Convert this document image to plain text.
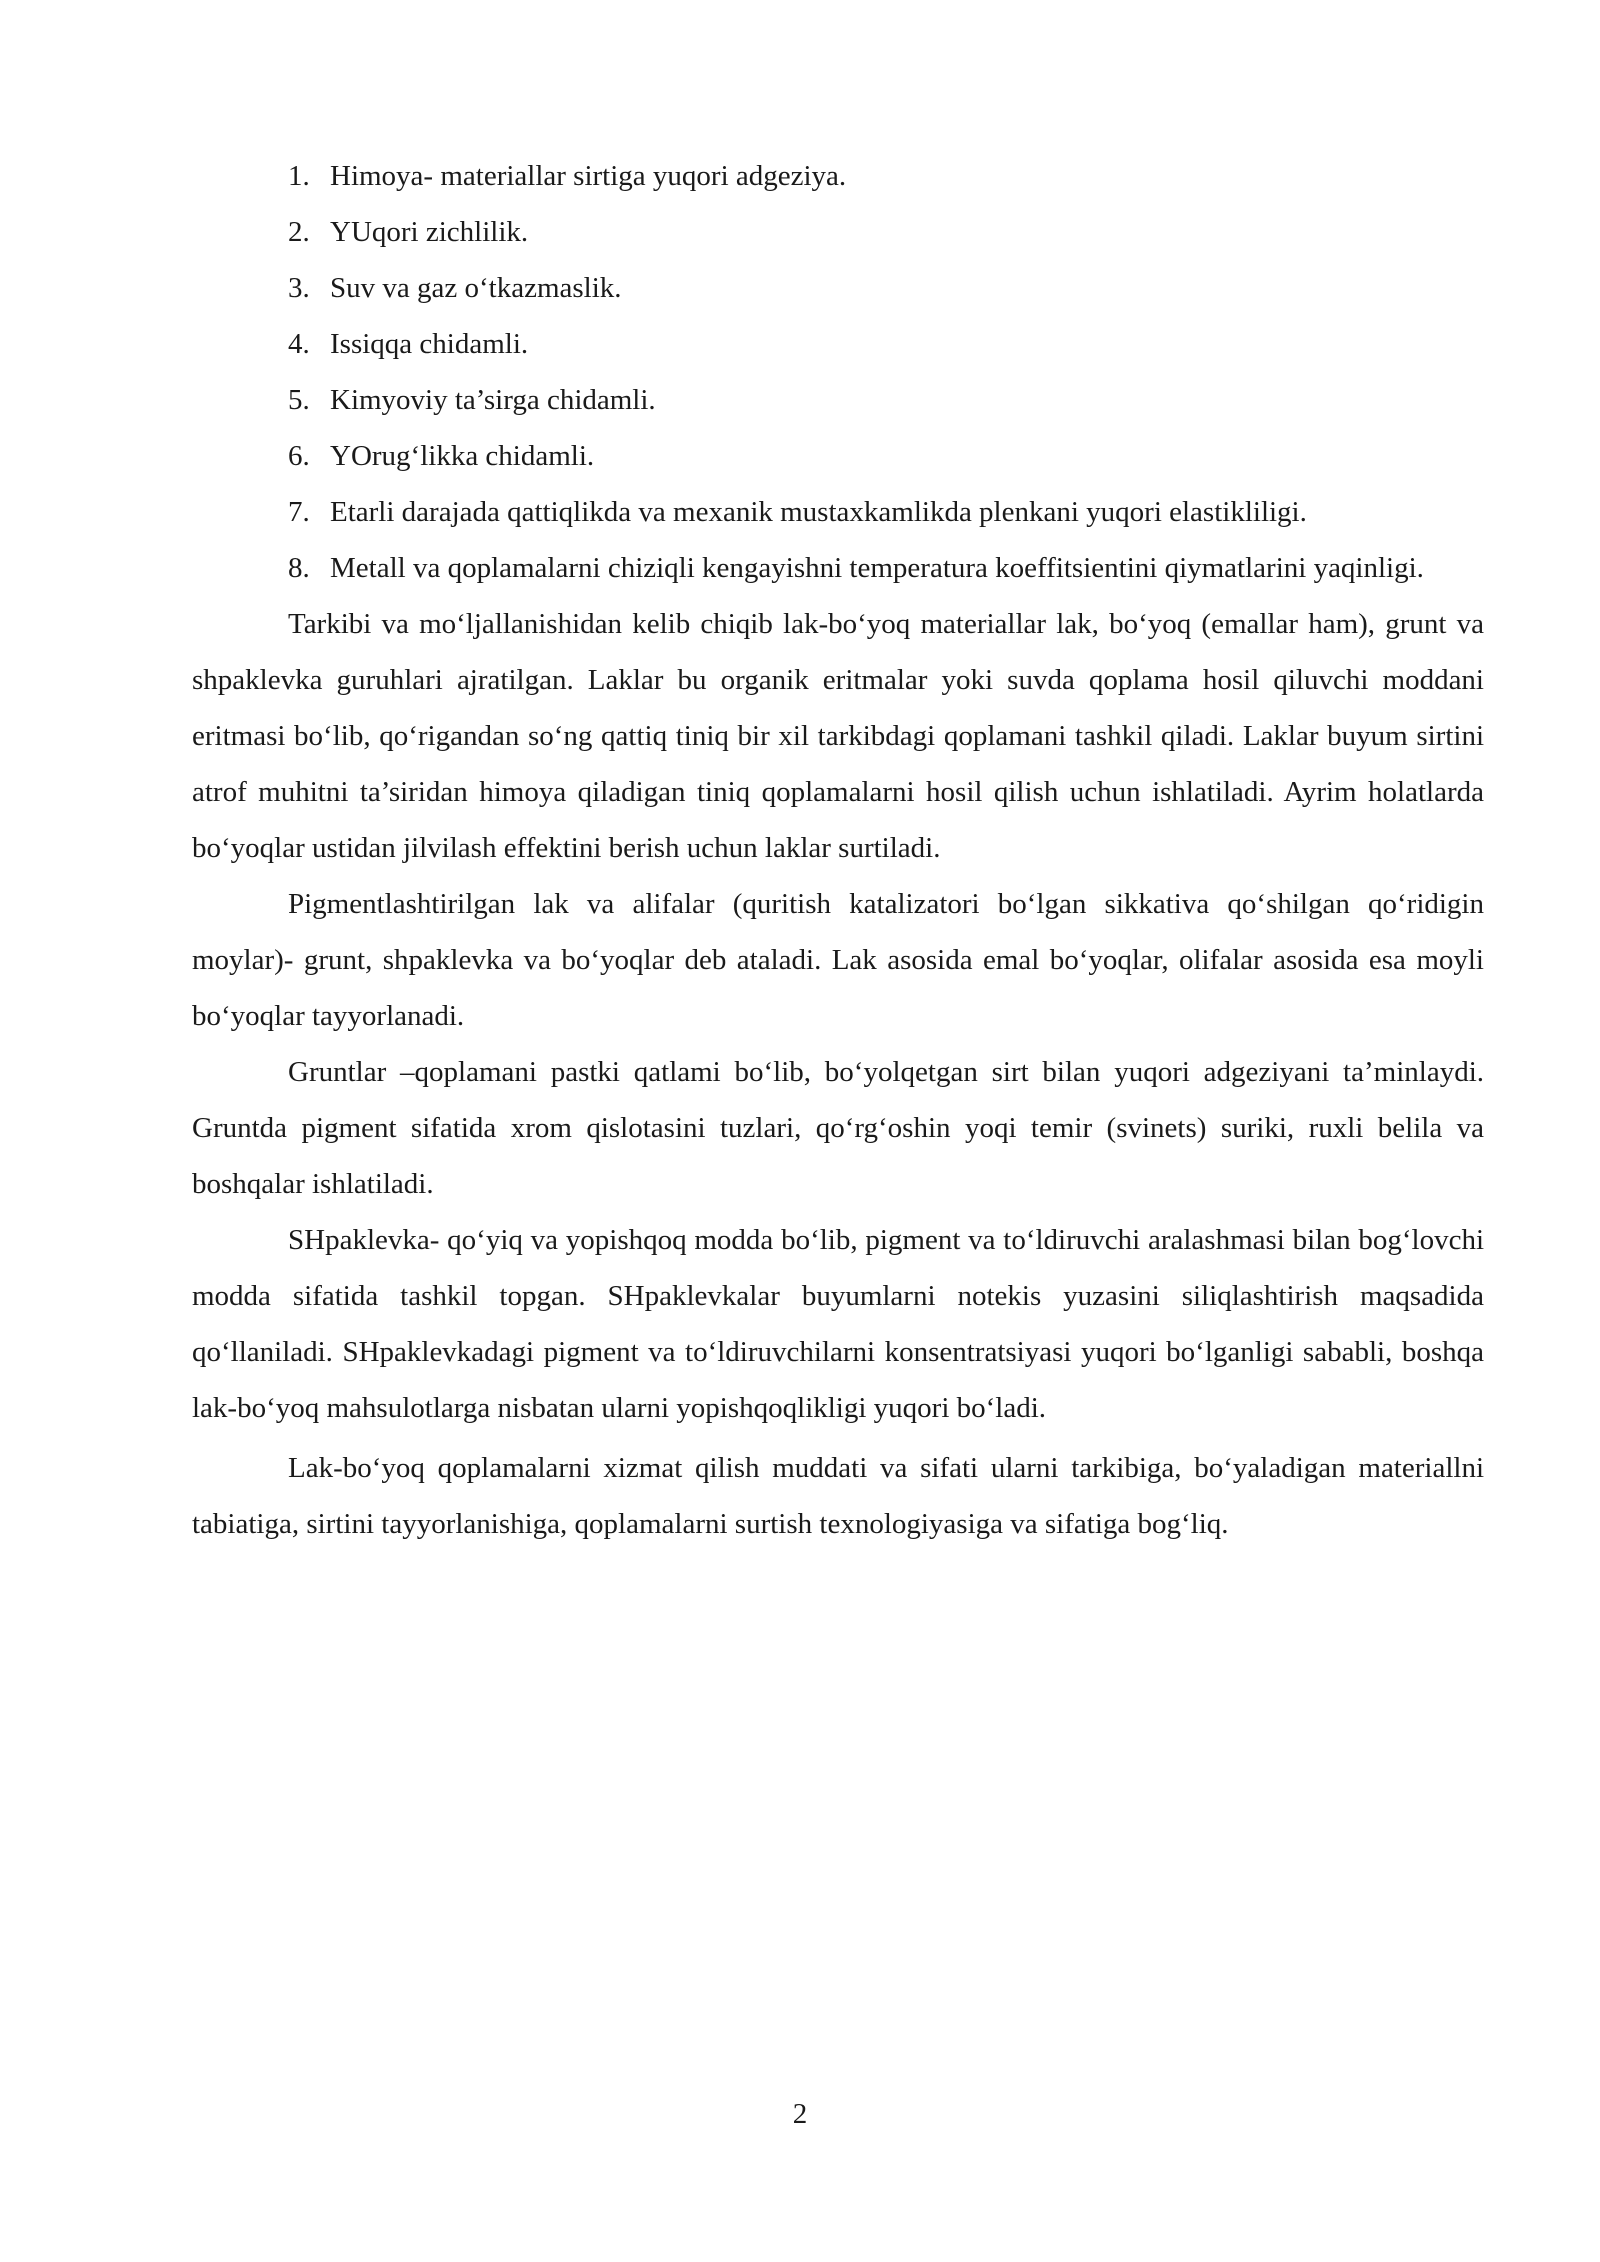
1. Himoya- materiallar sirtiga yuqori adgeziya.
2. YUqori zichlilik.
3. Suv va gaz o‘tkazmaslik.
4. Issiqqa chidamli.
5. Kimyoviy ta’sirga chidamli.
6. YOrug‘likka chidamli.
7. Etarli darajada qattiqlikda va mexanik mustaxkamlikda plenkani yuqori elastikliligi.
8. Metall va qoplamalarni chiziqli kengayishni temperatura koeffitsientini qiymatlarini yaqinligi.

Tarkibi va mo‘ljallanishidan kelib chiqib lak-bo‘yoq materiallar lak, bo‘yoq (emallar ham), grunt va shpaklevka guruhlari ajratilgan. Laklar bu organik eritmalar yoki suvda qoplama hosil qiluvchi moddani eritmasi bo‘lib, qo‘rigandan so‘ng qattiq tiniq bir xil tarkibdagi qoplamani tashkil qiladi. Laklar buyum sirtini atrof muhitni ta’siridan himoya qiladigan tiniq qoplamalarni hosil qilish uchun ishlatiladi. Ayrim holatlarda bo‘yoqlar ustidan jilvilash effektini berish uchun laklar surtiladi.

Pigmentlashtirilgan lak va alifalar (quritish katalizatori bo‘lgan sikkativa qo‘shilgan qo‘ridigin moylar)- grunt, shpaklevka va bo‘yoqlar deb ataladi. Lak asosida emal bo‘yoqlar, olifalar asosida esa moyli bo‘yoqlar tayyorlanadi.

Gruntlar –qoplamani pastki qatlami bo‘lib, bo‘yolqetgan sirt bilan yuqori adgeziyani ta’minlaydi. Gruntda pigment sifatida xrom qislotasini tuzlari, qo‘rg‘oshin yoqi temir (svinets) suriki, ruxli belila va boshqalar ishlatiladi.

SHpaklevka- qo‘yiq va yopishqoq modda bo‘lib, pigment va to‘ldiruvchi aralashmasi bilan bog‘lovchi modda sifatida tashkil topgan. SHpaklevkalar buyumlarni notekis yuzasini siliqlashtirish maqsadida qo‘llaniladi. SHpaklevkadagi pigment va to‘ldiruvchilarni konsentratsiyasi yuqori bo‘lganligi sababli, boshqa lak-bo‘yoq mahsulotlarga nisbatan ularni yopishqoqlikligi yuqori bo‘ladi.

Lak-bo‘yoq qoplamalarni xizmat qilish muddati va sifati ularni tarkibiga, bo‘yaladigan materiallni tabiatiga, sirtini tayyorlanishiga, qoplamalarni surtish texnologiyasiga va sifatiga bog‘liq.

2
